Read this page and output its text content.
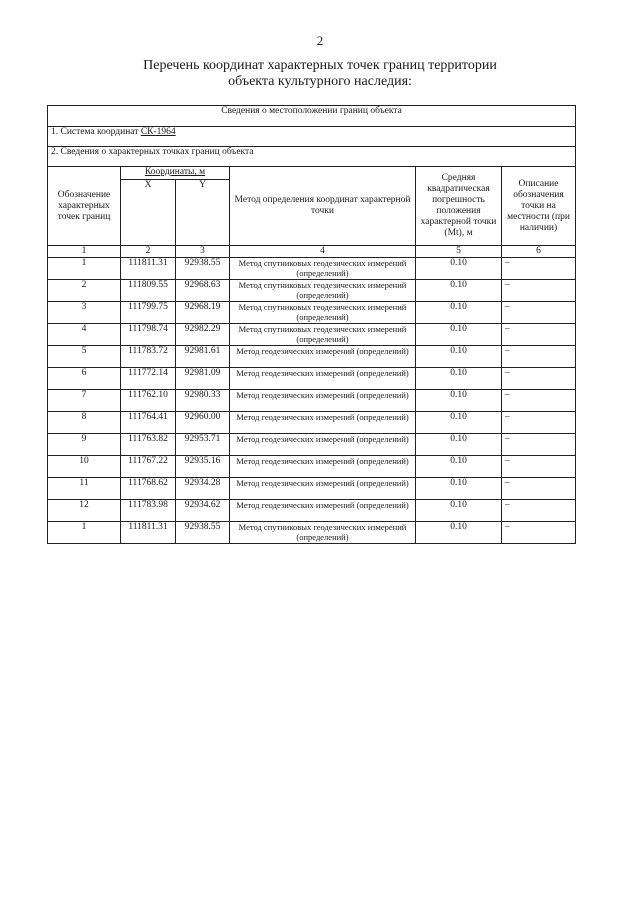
2
Перечень координат характерных точек границ территории
объекта культурного наследия:
Сведения о местоположении границ объекта					
1. Система координат СК-1964					
2. Сведения о характерных точках границ объекта					
Обозначение характерных точек границ	Координаты, м		Метод определения координат характерной точки	Средняя квадратическая погрешность положения характерной точки (Mt), м	Описание обозначения точки на местности (при наличии)
	X	Y			
1	2	3	4	5	6
1	111811.31	92938.55	Метод спутниковых геодезических измерений (определений)	0.10	–
2	111809.55	92968.63	Метод спутниковых геодезических измерений (определений)	0.10	–
3	111799.75	92968.19	Метод спутниковых геодезических измерений (определений)	0.10	–
4	111798.74	92982.29	Метод спутниковых геодезических измерений (определений)	0.10	–
5	111783.72	92981.61	Метод геодезических измерений (определений)	0.10	–
6	111772.14	92981.09	Метод геодезических измерений (определений)	0.10	–
7	111762.10	92980.33	Метод геодезических измерений (определений)	0.10	–
8	111764.41	92960.00	Метод геодезических измерений (определений)	0.10	–
9	111763.82	92953.71	Метод геодезических измерений (определений)	0.10	–
10	111767.22	92935.16	Метод геодезических измерений (определений)	0.10	–
11	111768.62	92934.28	Метод геодезических измерений (определений)	0.10	–
12	111783.98	92934.62	Метод геодезических измерений (определений)	0.10	–
1	111811.31	92938.55	Метод спутниковых геодезических измерений (определений)	0.10	–
